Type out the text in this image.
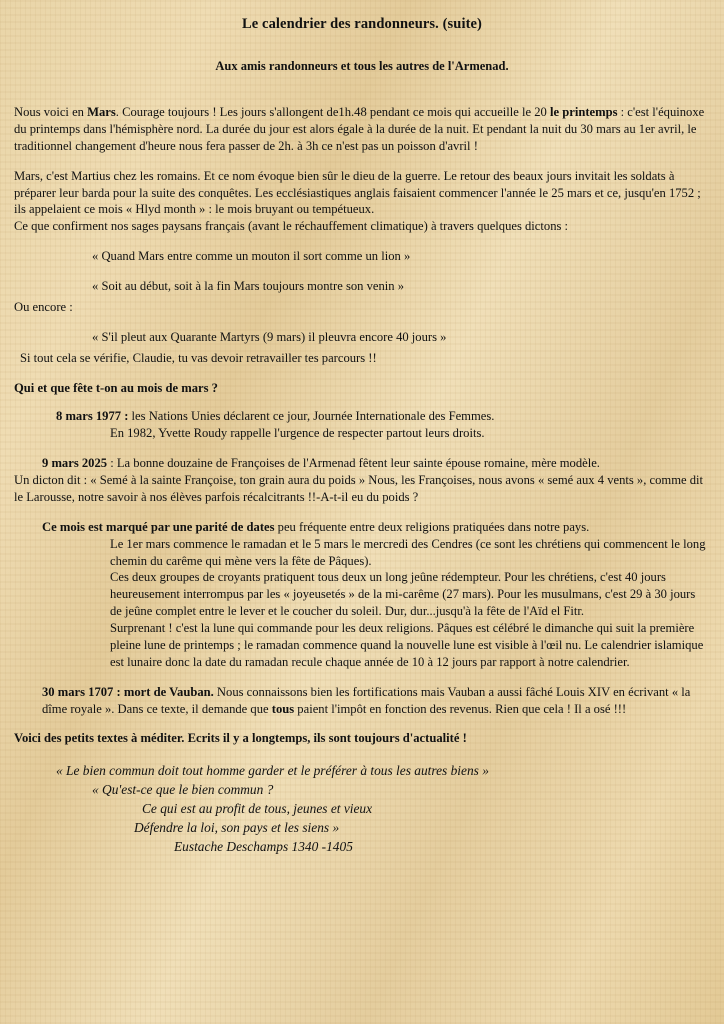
Le calendrier des randonneurs. (suite)
Aux amis randonneurs et tous les autres de l'Armenad.

Nous voici en Mars. Courage toujours ! Les jours s'allongent de1h.48 pendant ce mois qui accueille le 20 le printemps : c'est l'équinoxe du printemps dans l'hémisphère nord. La durée du jour est alors égale à la durée de la nuit. Et pendant la nuit du 30 mars au 1er avril, le traditionnel changement d'heure nous fera passer de 2h. à 3h ce n'est pas un poisson d'avril !

Mars, c'est Martius chez les romains. Et ce nom évoque bien sûr le dieu de la guerre. Le retour des beaux jours invitait les soldats à préparer leur barda pour la suite des conquêtes. Les ecclésiastiques anglais faisaient commencer l'année le 25 mars et ce, jusqu'en 1752 ; ils appelaient ce mois « Hlyd month » : le mois bruyant ou tempétueux.
Ce que confirment nos sages paysans français (avant le réchauffement climatique) à travers quelques dictons :

« Quand Mars entre comme un mouton il sort comme un lion »

« Soit au début, soit à la fin Mars toujours montre son venin »

Ou encore :

« S'il pleut aux Quarante Martyrs (9 mars) il pleuvra encore 40 jours »

Si tout cela se vérifie, Claudie, tu vas devoir retravailler tes parcours !!

Qui et que fête t-on au mois de mars ?

8 mars 1977 : les Nations Unies déclarent ce jour, Journée Internationale des Femmes.

En 1982, Yvette Roudy rappelle l'urgence de respecter partout leurs droits.

9 mars 2025 : La bonne douzaine de Françoises de l'Armenad fêtent leur sainte épouse romaine, mère modèle.

Un dicton dit : « Semé à la sainte Françoise, ton grain aura du poids » Nous, les Françoises, nous avons « semé aux 4 vents », comme dit le Larousse, notre savoir à nos élèves parfois récalcitrants !!-A-t-il eu du poids ?

Ce mois est marqué par une parité de dates peu fréquente entre deux religions pratiquées dans notre pays.

Le 1er mars commence le ramadan et le 5 mars le mercredi des Cendres (ce sont les chrétiens qui commencent le long chemin du carême qui mène vers la fête de Pâques).

Ces deux groupes de croyants pratiquent tous deux un long jeûne rédempteur. Pour les chrétiens, c'est 40 jours heureusement interrompus par les « joyeusetés » de la mi-carême (27 mars). Pour les musulmans, c'est 29 à 30 jours de jeûne complet entre le lever et le coucher du soleil. Dur, dur...jusqu'à la fête de l'Aïd el Fitr.

Surprenant ! c'est la lune qui commande pour les deux religions. Pâques est célébré le dimanche qui suit la première pleine lune de printemps ; le ramadan commence quand la nouvelle lune est visible à l'œil nu. Le calendrier islamique est lunaire donc la date du ramadan recule chaque année de 10 à 12 jours par rapport à notre calendrier.

30 mars 1707 : mort de Vauban. Nous connaissons bien les fortifications mais Vauban a aussi fâché Louis XIV en écrivant « la dîme royale ». Dans ce texte, il demande que tous paient l'impôt en fonction des revenus. Rien que cela ! Il a osé !!!

Voici des petits textes à méditer. Ecrits il y a longtemps, ils sont toujours d'actualité !

« Le bien commun doit tout homme garder et le préférer à tous les autres biens »

« Qu'est-ce que le bien commun ?

Ce qui est au profit de tous, jeunes et vieux

Défendre la loi, son pays et les siens »

Eustache Deschamps 1340 -1405
